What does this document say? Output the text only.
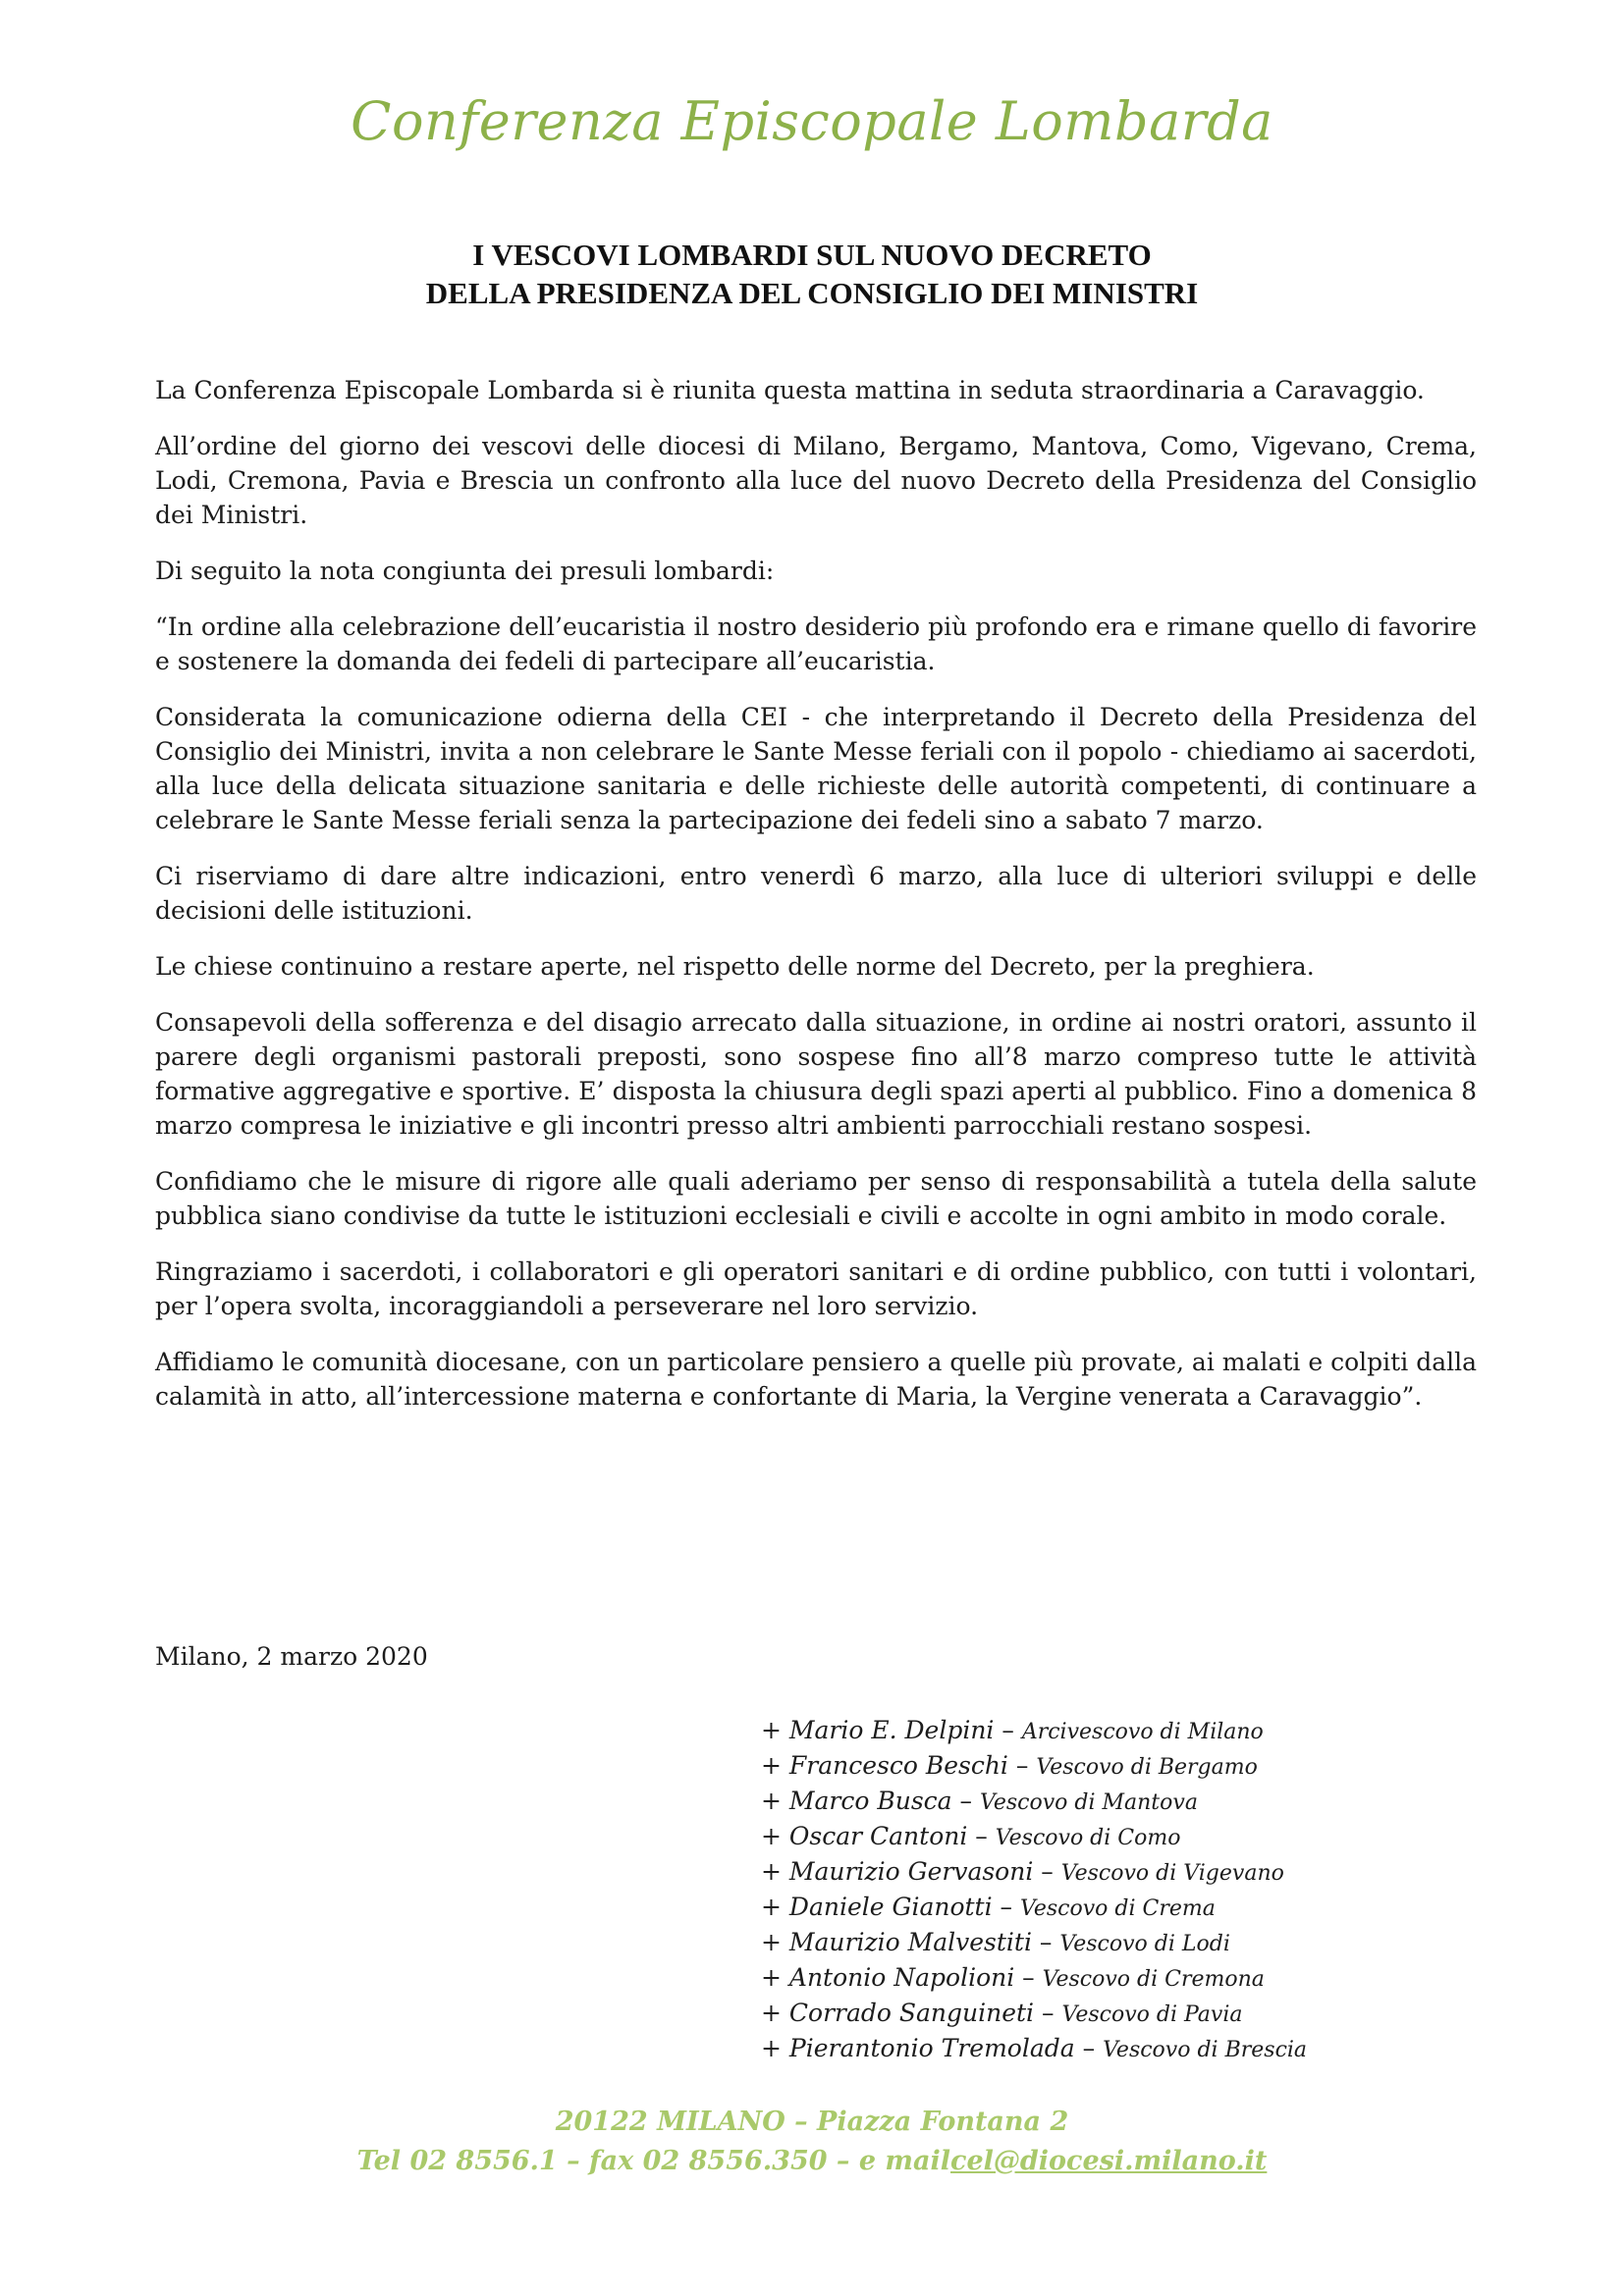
Conferenza Episcopale Lombarda
I VESCOVI LOMBARDI SUL NUOVO DECRETO
DELLA PRESIDENZA DEL CONSIGLIO DEI MINISTRI

La Conferenza Episcopale Lombarda si è riunita questa mattina in seduta straordinaria a Caravaggio.

All’ordine del giorno dei vescovi delle diocesi di Milano, Bergamo, Mantova, Como, Vigevano, Crema, Lodi, Cremona, Pavia e Brescia un confronto alla luce del nuovo Decreto della Presidenza del Consiglio dei Ministri.

Di seguito la nota congiunta dei presuli lombardi:

“In ordine alla celebrazione dell’eucaristia il nostro desiderio più profondo era e rimane quello di favorire e sostenere la domanda dei fedeli di partecipare all’eucaristia.

Considerata la comunicazione odierna della CEI - che interpretando il Decreto della Presidenza del Consiglio dei Ministri, invita a non celebrare le Sante Messe feriali con il popolo - chiediamo ai sacerdoti, alla luce della delicata situazione sanitaria e delle richieste delle autorità competenti, di continuare a celebrare le Sante Messe feriali senza la partecipazione dei fedeli sino a sabato 7 marzo.

Ci riserviamo di dare altre indicazioni, entro venerdì 6 marzo, alla luce di ulteriori sviluppi e delle decisioni delle istituzioni.

Le chiese continuino a restare aperte, nel rispetto delle norme del Decreto, per la preghiera.

Consapevoli della sofferenza e del disagio arrecato dalla situazione, in ordine ai nostri oratori, assunto il parere degli organismi pastorali preposti, sono sospese fino all’8 marzo compreso tutte le attività formative aggregative e sportive. E’ disposta la chiusura degli spazi aperti al pubblico. Fino a domenica 8 marzo compresa le iniziative e gli incontri presso altri ambienti parrocchiali restano sospesi.

Confidiamo che le misure di rigore alle quali aderiamo per senso di responsabilità a tutela della salute pubblica siano condivise da tutte le istituzioni ecclesiali e civili e accolte in ogni ambito in modo corale.

Ringraziamo i sacerdoti, i collaboratori e gli operatori sanitari e di ordine pubblico, con tutti i volontari, per l’opera svolta, incoraggiandoli a perseverare nel loro servizio.

Affidiamo le comunità diocesane, con un particolare pensiero a quelle più provate, ai malati e colpiti dalla calamità in atto, all’intercessione materna e confortante di Maria, la Vergine venerata a Caravaggio”.

Milano, 2 marzo 2020
+ Mario E. Delpini – Arcivescovo di Milano
+ Francesco Beschi – Vescovo di Bergamo
+ Marco Busca – Vescovo di Mantova
+ Oscar Cantoni – Vescovo di Como
+ Maurizio Gervasoni – Vescovo di Vigevano
+ Daniele Gianotti – Vescovo di Crema
+ Maurizio Malvestiti – Vescovo di Lodi
+ Antonio Napolioni – Vescovo di Cremona
+ Corrado Sanguineti – Vescovo di Pavia
+ Pierantonio Tremolada – Vescovo di Brescia
20122 MILANO – Piazza Fontana 2
Tel 02 8556.1 – fax 02 8556.350 – e mailcel@diocesi.milano.it
